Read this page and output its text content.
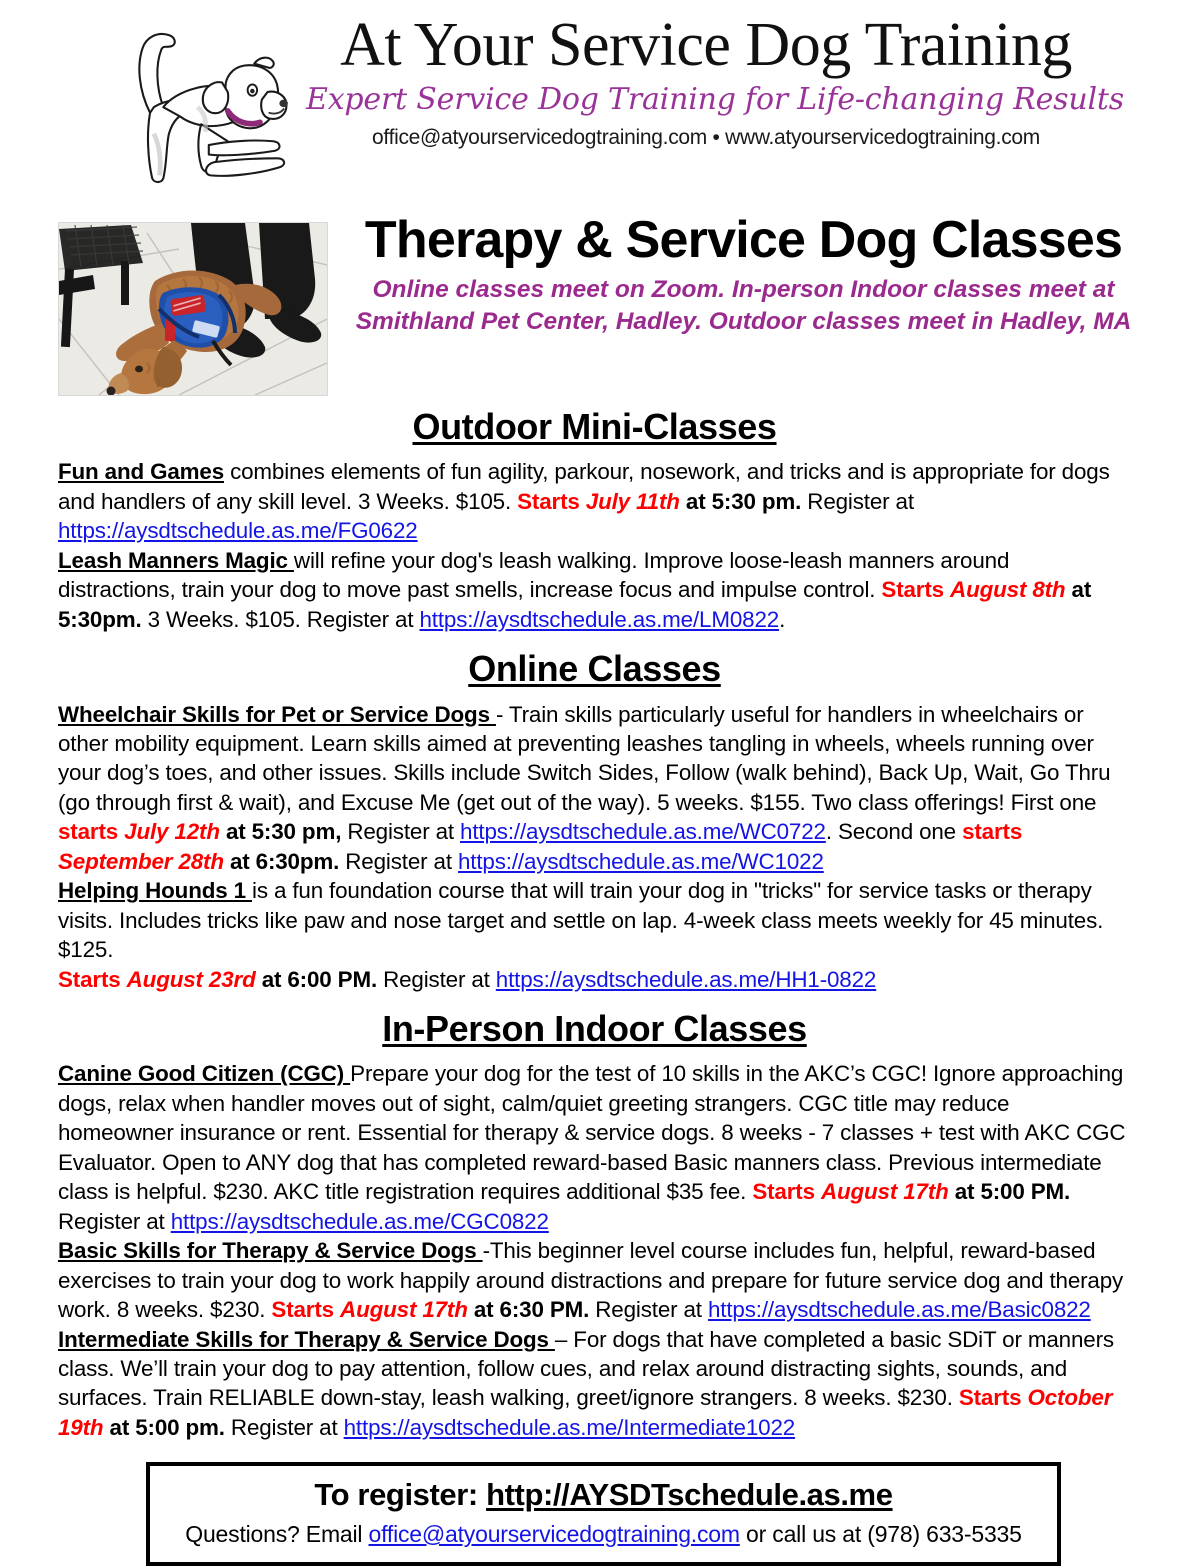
At Your Service Dog Training
Expert Service Dog Training for Life-changing Results
office@atyourservicedogtraining.com • www.atyourservicedogtraining.com
Therapy & Service Dog Classes
Online classes meet on Zoom. In-person Indoor classes meet at Smithland Pet Center, Hadley. Outdoor classes meet in Hadley, MA
Outdoor Mini-Classes

Fun and Games combines elements of fun agility, parkour, nosework, and tricks and is appropriate for dogs and handlers of any skill level. 3 Weeks. $105. Starts July 11th at 5:30 pm. Register at https://aysdtschedule.as.me/FG0622

Leash Manners Magic will refine your dog's leash walking. Improve loose-leash manners around distractions, train your dog to move past smells, increase focus and impulse control. Starts August 8th at 5:30pm. 3 Weeks. $105. Register at https://aysdtschedule.as.me/LM0822.

Online Classes

Wheelchair Skills for Pet or Service Dogs - Train skills particularly useful for handlers in wheelchairs or other mobility equipment. Learn skills aimed at preventing leashes tangling in wheels, wheels running over your dog’s toes, and other issues. Skills include Switch Sides, Follow (walk behind), Back Up, Wait, Go Thru (go through first & wait), and Excuse Me (get out of the way). 5 weeks. $155. Two class offerings! First one starts July 12th at 5:30 pm, Register at https://aysdtschedule.as.me/WC0722. Second one starts September 28th at 6:30pm. Register at https://aysdtschedule.as.me/WC1022

Helping Hounds 1 is a fun foundation course that will train your dog in "tricks" for service tasks or therapy visits. Includes tricks like paw and nose target and settle on lap. 4-week class meets weekly for 45 minutes. $125.

Starts August 23rd at 6:00 PM. Register at https://aysdtschedule.as.me/HH1-0822

In-Person Indoor Classes

Canine Good Citizen (CGC) Prepare your dog for the test of 10 skills in the AKC’s CGC! Ignore approaching dogs, relax when handler moves out of sight, calm/quiet greeting strangers. CGC title may reduce homeowner insurance or rent. Essential for therapy & service dogs. 8 weeks - 7 classes + test with AKC CGC Evaluator. Open to ANY dog that has completed reward-based Basic manners class. Previous intermediate class is helpful. $230. AKC title registration requires additional $35 fee. Starts August 17th at 5:00 PM. Register at https://aysdtschedule.as.me/CGC0822

Basic Skills for Therapy & Service Dogs -This beginner level course includes fun, helpful, reward-based exercises to train your dog to work happily around distractions and prepare for future service dog and therapy work. 8 weeks. $230. Starts August 17th at 6:30 PM. Register at https://aysdtschedule.as.me/Basic0822

Intermediate Skills for Therapy & Service Dogs – For dogs that have completed a basic SDiT or manners class. We’ll train your dog to pay attention, follow cues, and relax around distracting sights, sounds, and surfaces. Train RELIABLE down-stay, leash walking, greet/ignore strangers. 8 weeks. $230. Starts October 19th at 5:00 pm. Register at https://aysdtschedule.as.me/Intermediate1022

To register: http://AYSDTschedule.as.me
Questions? Email office@atyourservicedogtraining.com or call us at (978) 633-5335
